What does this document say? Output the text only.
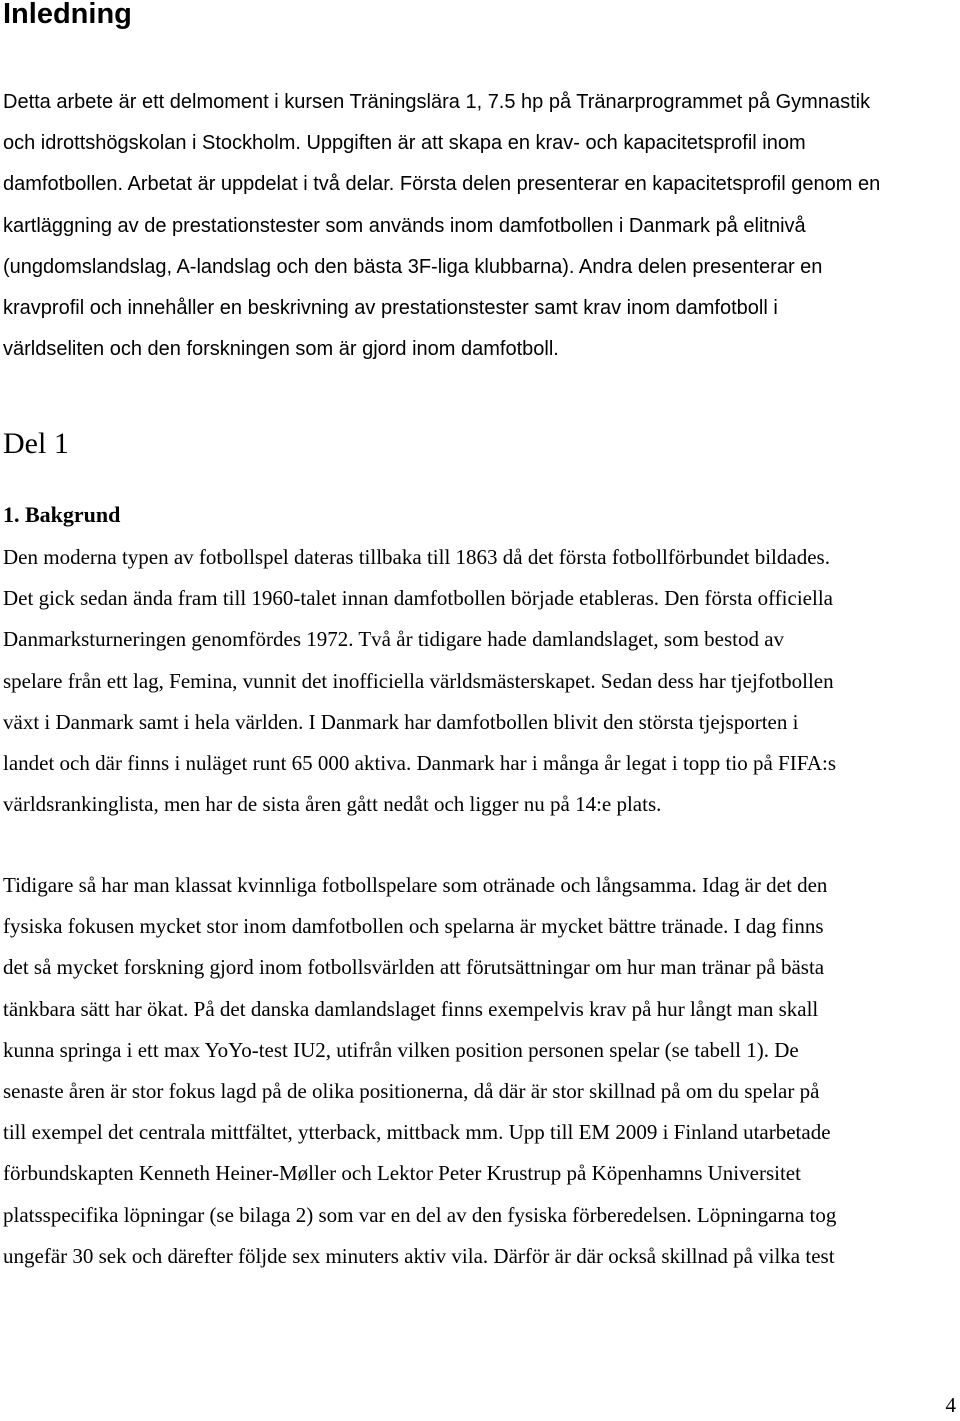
Inledning

Detta arbete är ett delmoment i kursen Träningslära 1, 7.5 hp på Tränarprogrammet på Gymnastik
och idrottshögskolan i Stockholm. Uppgiften är att skapa en krav- och kapacitetsprofil inom
damfotbollen. Arbetat är uppdelat i två delar. Första delen presenterar en kapacitetsprofil genom en
kartläggning av de prestationstester som används inom damfotbollen i Danmark på elitnivå
(ungdomslandslag, A-landslag och den bästa 3F-liga klubbarna). Andra delen presenterar en
kravprofil och innehåller en beskrivning av prestationstester samt krav inom damfotboll i
världseliten och den forskningen som är gjord inom damfotboll.

Del 1
1. Bakgrund

Den moderna typen av fotbollspel dateras tillbaka till 1863 då det första fotbollförbundet bildades.
Det gick sedan ända fram till 1960-talet innan damfotbollen började etableras. Den första officiella
Danmarksturneringen genomfördes 1972. Två år tidigare hade damlandslaget, som bestod av
spelare från ett lag, Femina, vunnit det inofficiella världsmästerskapet. Sedan dess har tjejfotbollen
växt i Danmark samt i hela världen. I Danmark har damfotbollen blivit den största tjejsporten i
landet och där finns i nuläget runt 65 000 aktiva. Danmark har i många år legat i topp tio på FIFA:s
världsrankinglista, men har de sista åren gått nedåt och ligger nu på 14:e plats.

Tidigare så har man klassat kvinnliga fotbollspelare som otränade och långsamma. Idag är det den
fysiska fokusen mycket stor inom damfotbollen och spelarna är mycket bättre tränade. I dag finns
det så mycket forskning gjord inom fotbollsvärlden att förutsättningar om hur man tränar på bästa
tänkbara sätt har ökat. På det danska damlandslaget finns exempelvis krav på hur långt man skall
kunna springa i ett max YoYo-test IU2, utifrån vilken position personen spelar (se tabell 1). De
senaste åren är stor fokus lagd på de olika positionerna, då där är stor skillnad på om du spelar på
till exempel det centrala mittfältet, ytterback, mittback mm. Upp till EM 2009 i Finland utarbetade
förbundskapten Kenneth Heiner-Møller och Lektor Peter Krustrup på Köpenhamns Universitet
platsspecifika löpningar (se bilaga 2) som var en del av den fysiska förberedelsen. Löpningarna tog
ungefär 30 sek och därefter följde sex minuters aktiv vila. Därför är där också skillnad på vilka test

4
